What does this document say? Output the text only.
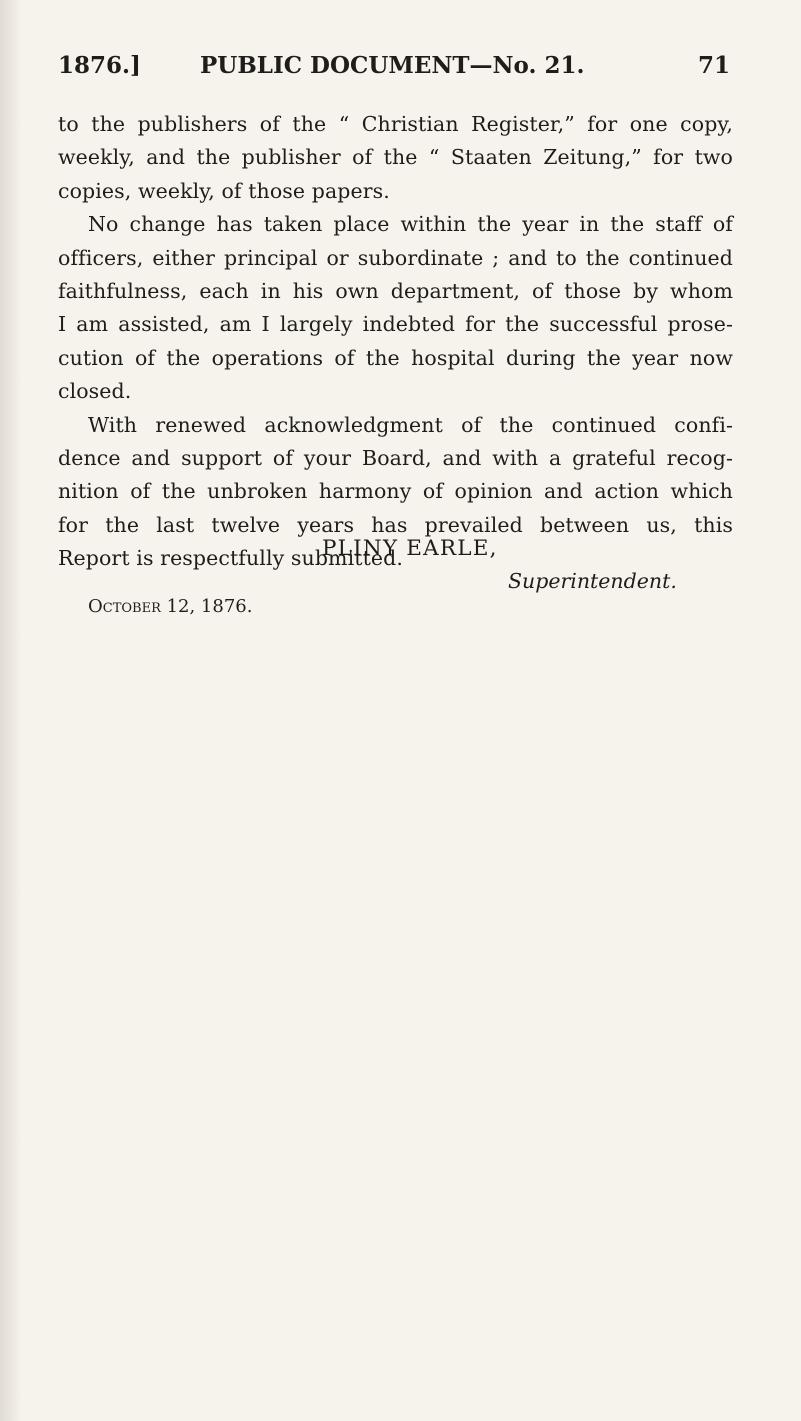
1876.]	PUBLIC DOCUMENT—No. 21.	71

to the publishers of the “ Christian Register,” for one copy,
weekly, and the publisher of the “ Staaten Zeitung,” for two
copies, weekly, of those papers.

No change has taken place within the year in the staff of
officers, either principal or subordinate ; and to the continued
faithfulness, each in his own department, of those by whom
I am assisted, am I largely indebted for the successful prose-
cution of the operations of the hospital during the year now
closed.

With renewed acknowledgment of the continued confi-
dence and support of your Board, and with a grateful recog-
nition of the unbroken harmony of opinion and action which
for the last twelve years has prevailed between us, this
Report is respectfully submitted.

PLINY EARLE,
Superintendent.
October 12, 1876.
